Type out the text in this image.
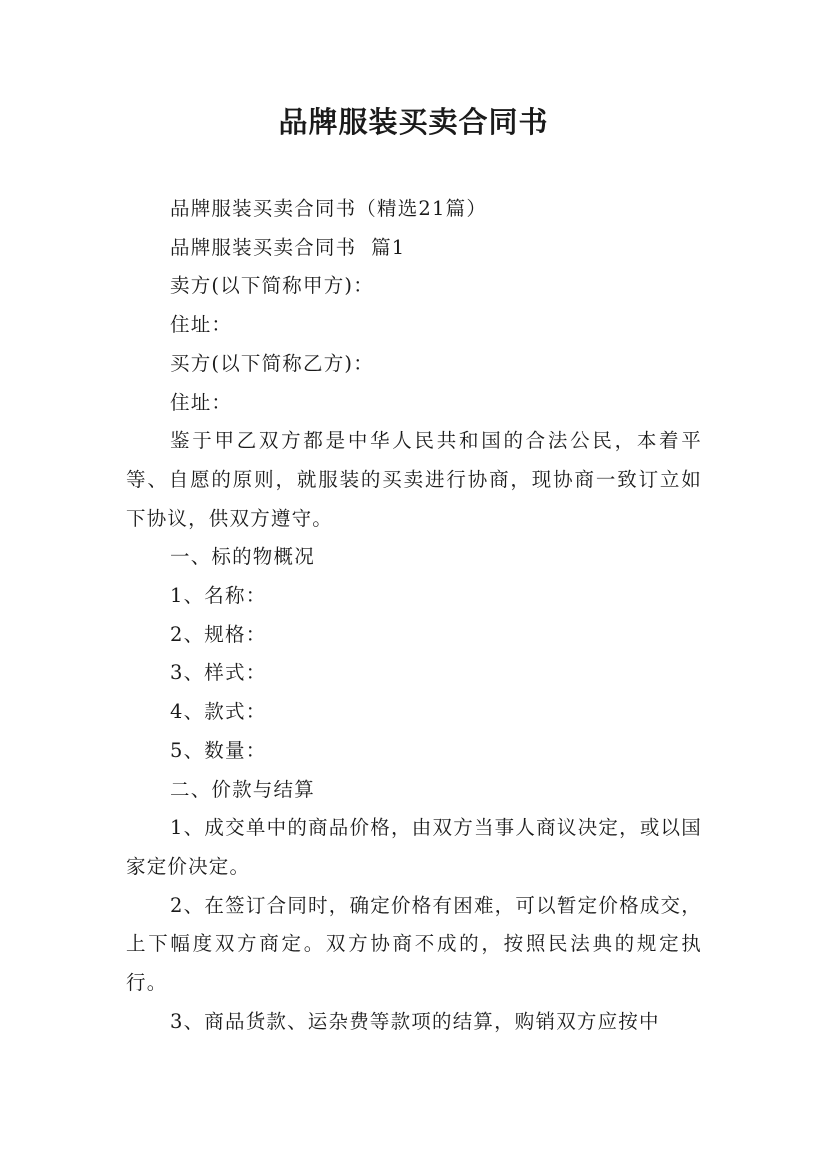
品牌服装买卖合同书

品牌服装买卖合同书（精选21篇）

品牌服装买卖合同书  篇1

卖方(以下简称甲方)：

住址：

买方(以下简称乙方)：

住址：

鉴于甲乙双方都是中华人民共和国的合法公民，本着平等、自愿的原则，就服装的买卖进行协商，现协商一致订立如下协议，供双方遵守。

一、标的物概况

1、名称：

2、规格：

3、样式：

4、款式：

5、数量：

二、价款与结算

1、成交单中的商品价格，由双方当事人商议决定，或以国家定价决定。

2、在签订合同时，确定价格有困难，可以暂定价格成交，上下幅度双方商定。双方协商不成的，按照民法典的规定执行。

3、商品货款、运杂费等款项的结算，购销双方应按中
